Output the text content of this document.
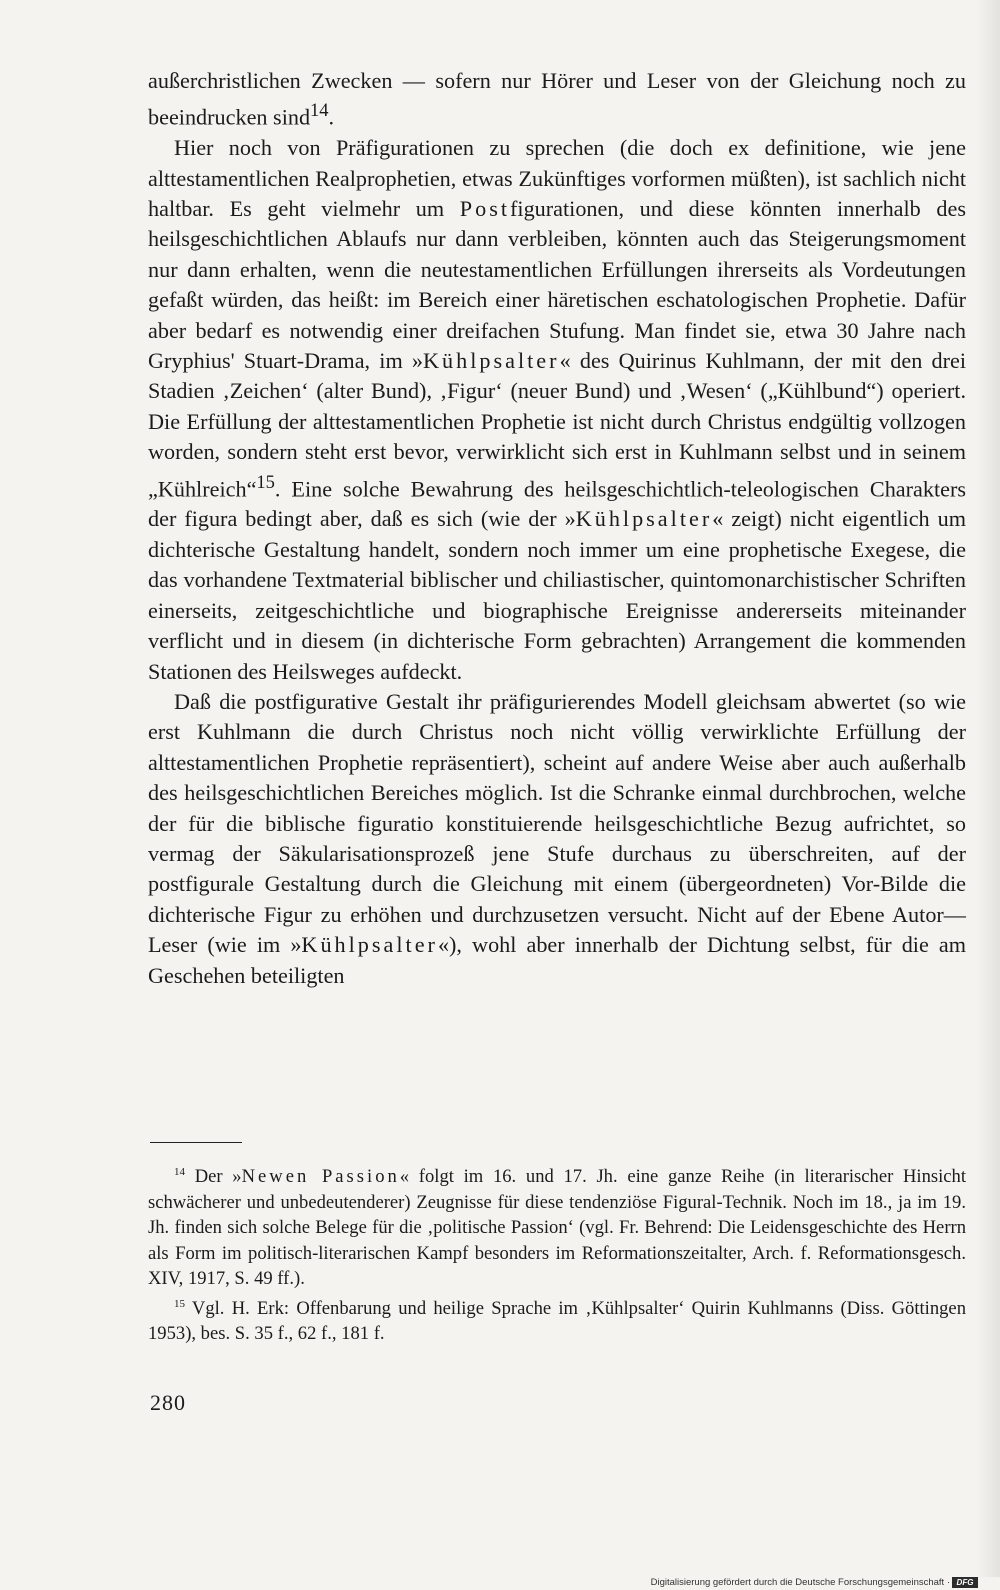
außerchristlichen Zwecken — sofern nur Hörer und Leser von der Gleichung noch zu beeindrucken sind$^{14}$.

Hier noch von Präfigurationen zu sprechen (die doch ex definitione, wie jene alttestamentlichen Realprophetien, etwas Zukünftiges vorformen müßten), ist sachlich nicht haltbar. Es geht vielmehr um Postfigurationen, und diese könnten innerhalb des heilsgeschichtlichen Ablaufs nur dann verbleiben, könnten auch das Steigerungsmoment nur dann erhalten, wenn die neutestamentlichen Erfüllungen ihrerseits als Vordeutungen gefaßt würden, das heißt: im Bereich einer häretischen eschatologischen Prophetie. Dafür aber bedarf es notwendig einer dreifachen Stufung. Man findet sie, etwa 30 Jahre nach Gryphius' Stuart-Drama, im »Kühlpsalter« des Quirinus Kuhlmann, der mit den drei Stadien ‚Zeichen‘ (alter Bund), ‚Figur‘ (neuer Bund) und ‚Wesen‘ („Kühlbund“) operiert. Die Erfüllung der alttestamentlichen Prophetie ist nicht durch Christus endgültig vollzogen worden, sondern steht erst bevor, verwirklicht sich erst in Kuhlmann selbst und in seinem „Kühlreich“$^{15}$. Eine solche Bewahrung des heilsgeschichtlich-teleologischen Charakters der figura bedingt aber, daß es sich (wie der »Kühlpsalter« zeigt) nicht eigentlich um dichterische Gestaltung handelt, sondern noch immer um eine prophetische Exegese, die das vorhandene Textmaterial biblischer und chiliastischer, quintomonarchistischer Schriften einerseits, zeitgeschichtliche und biographische Ereignisse andererseits miteinander verflicht und in diesem (in dichterische Form gebrachten) Arrangement die kommenden Stationen des Heilsweges aufdeckt.

Daß die postfigurative Gestalt ihr präfigurierendes Modell gleichsam abwertet (so wie erst Kuhlmann die durch Christus noch nicht völlig verwirklichte Erfüllung der alttestamentlichen Prophetie repräsentiert), scheint auf andere Weise aber auch außerhalb des heilsgeschichtlichen Bereiches möglich. Ist die Schranke einmal durchbrochen, welche der für die biblische figuratio konstituierende heilsgeschichtliche Bezug aufrichtet, so vermag der Säkularisationsprozeß jene Stufe durchaus zu überschreiten, auf der postfigurale Gestaltung durch die Gleichung mit einem (übergeordneten) Vor-Bilde die dichterische Figur zu erhöhen und durchzusetzen versucht. Nicht auf der Ebene Autor—Leser (wie im »Kühlpsalter«), wohl aber innerhalb der Dichtung selbst, für die am Geschehen beteiligten

$^{14}$ Der »Newen Passion« folgt im 16. und 17. Jh. eine ganze Reihe (in literarischer Hinsicht schwächerer und unbedeutenderer) Zeugnisse für diese tendenziöse Figural-Technik. Noch im 18., ja im 19. Jh. finden sich solche Belege für die ‚politische Passion‘ (vgl. Fr. Behrend: Die Leidensgeschichte des Herrn als Form im politisch-literarischen Kampf besonders im Reformationszeitalter, Arch. f. Reformationsgesch. XIV, 1917, S. 49 ff.).

$^{15}$ Vgl. H. Erk: Offenbarung und heilige Sprache im ‚Kühlpsalter‘ Quirin Kuhlmanns (Diss. Göttingen 1953), bes. S. 35 f., 62 f., 181 f.

280
Digitalisierung gefördert durch die Deutsche Forschungsgemeinschaft · DFG
